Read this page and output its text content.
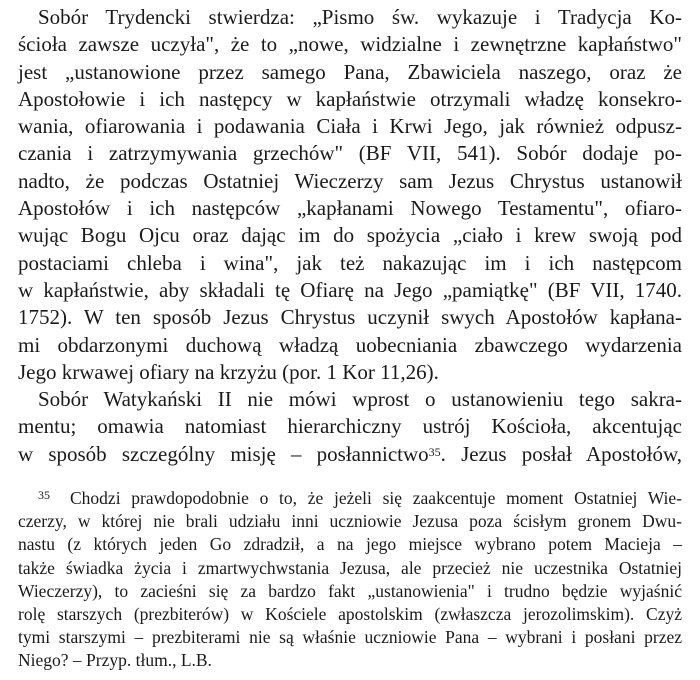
Sobór Trydencki stwierdza: „Pismo św. wykazuje i Tradycja Ko-
ścioła zawsze uczyła", że to „nowe, widzialne i zewnętrzne kapłaństwo"
jest „ustanowione przez samego Pana, Zbawiciela naszego, oraz że
Apostołowie i ich następcy w kapłaństwie otrzymali władzę konsekro-
wania, ofiarowania i podawania Ciała i Krwi Jego, jak również odpusz-
czania i zatrzymywania grzechów" (BF VII, 541). Sobór dodaje po-
nadto, że podczas Ostatniej Wieczerzy sam Jezus Chrystus ustanowił
Apostołów i ich następców „kapłanami Nowego Testamentu", ofiaro-
wując Bogu Ojcu oraz dając im do spożycia „ciało i krew swoją pod
postaciami chleba i wina", jak też nakazując im i ich następcom
w kapłaństwie, aby składali tę Ofiarę na Jego „pamiątkę" (BF VII, 1740.
1752). W ten sposób Jezus Chrystus uczynił swych Apostołów kapłana-
mi obdarzonymi duchową władzą uobecniania zbawczego wydarzenia
Jego krwawej ofiary na krzyżu (por. 1 Kor 11,26).
Sobór Watykański II nie mówi wprost o ustanowieniu tego sakra-
mentu; omawia natomiast hierarchiczny ustrój Kościoła, akcentując
w sposób szczególny misję – posłannictwo$^{35}$. Jezus posłał Apostołów,
35 Chodzi prawdopodobnie o to, że jeżeli się zaakcentuje moment Ostatniej Wie-
czerzy, w której nie brali udziału inni uczniowie Jezusa poza ścisłym gronem Dwu-
nastu (z których jeden Go zdradził, a na jego miejsce wybrano potem Macieja –
także świadka życia i zmartwychwstania Jezusa, ale przecież nie uczestnika Ostatniej
Wieczerzy), to zacieśni się za bardzo fakt „ustanowienia" i trudno będzie wyjaśnić
rolę starszych (prezbiterów) w Kościele apostolskim (zwłaszcza jerozolimskim). Czyż
tymi starszymi – prezbiterami nie są właśnie uczniowie Pana – wybrani i posłani przez
Niego? – Przyp. tłum., L.B.
